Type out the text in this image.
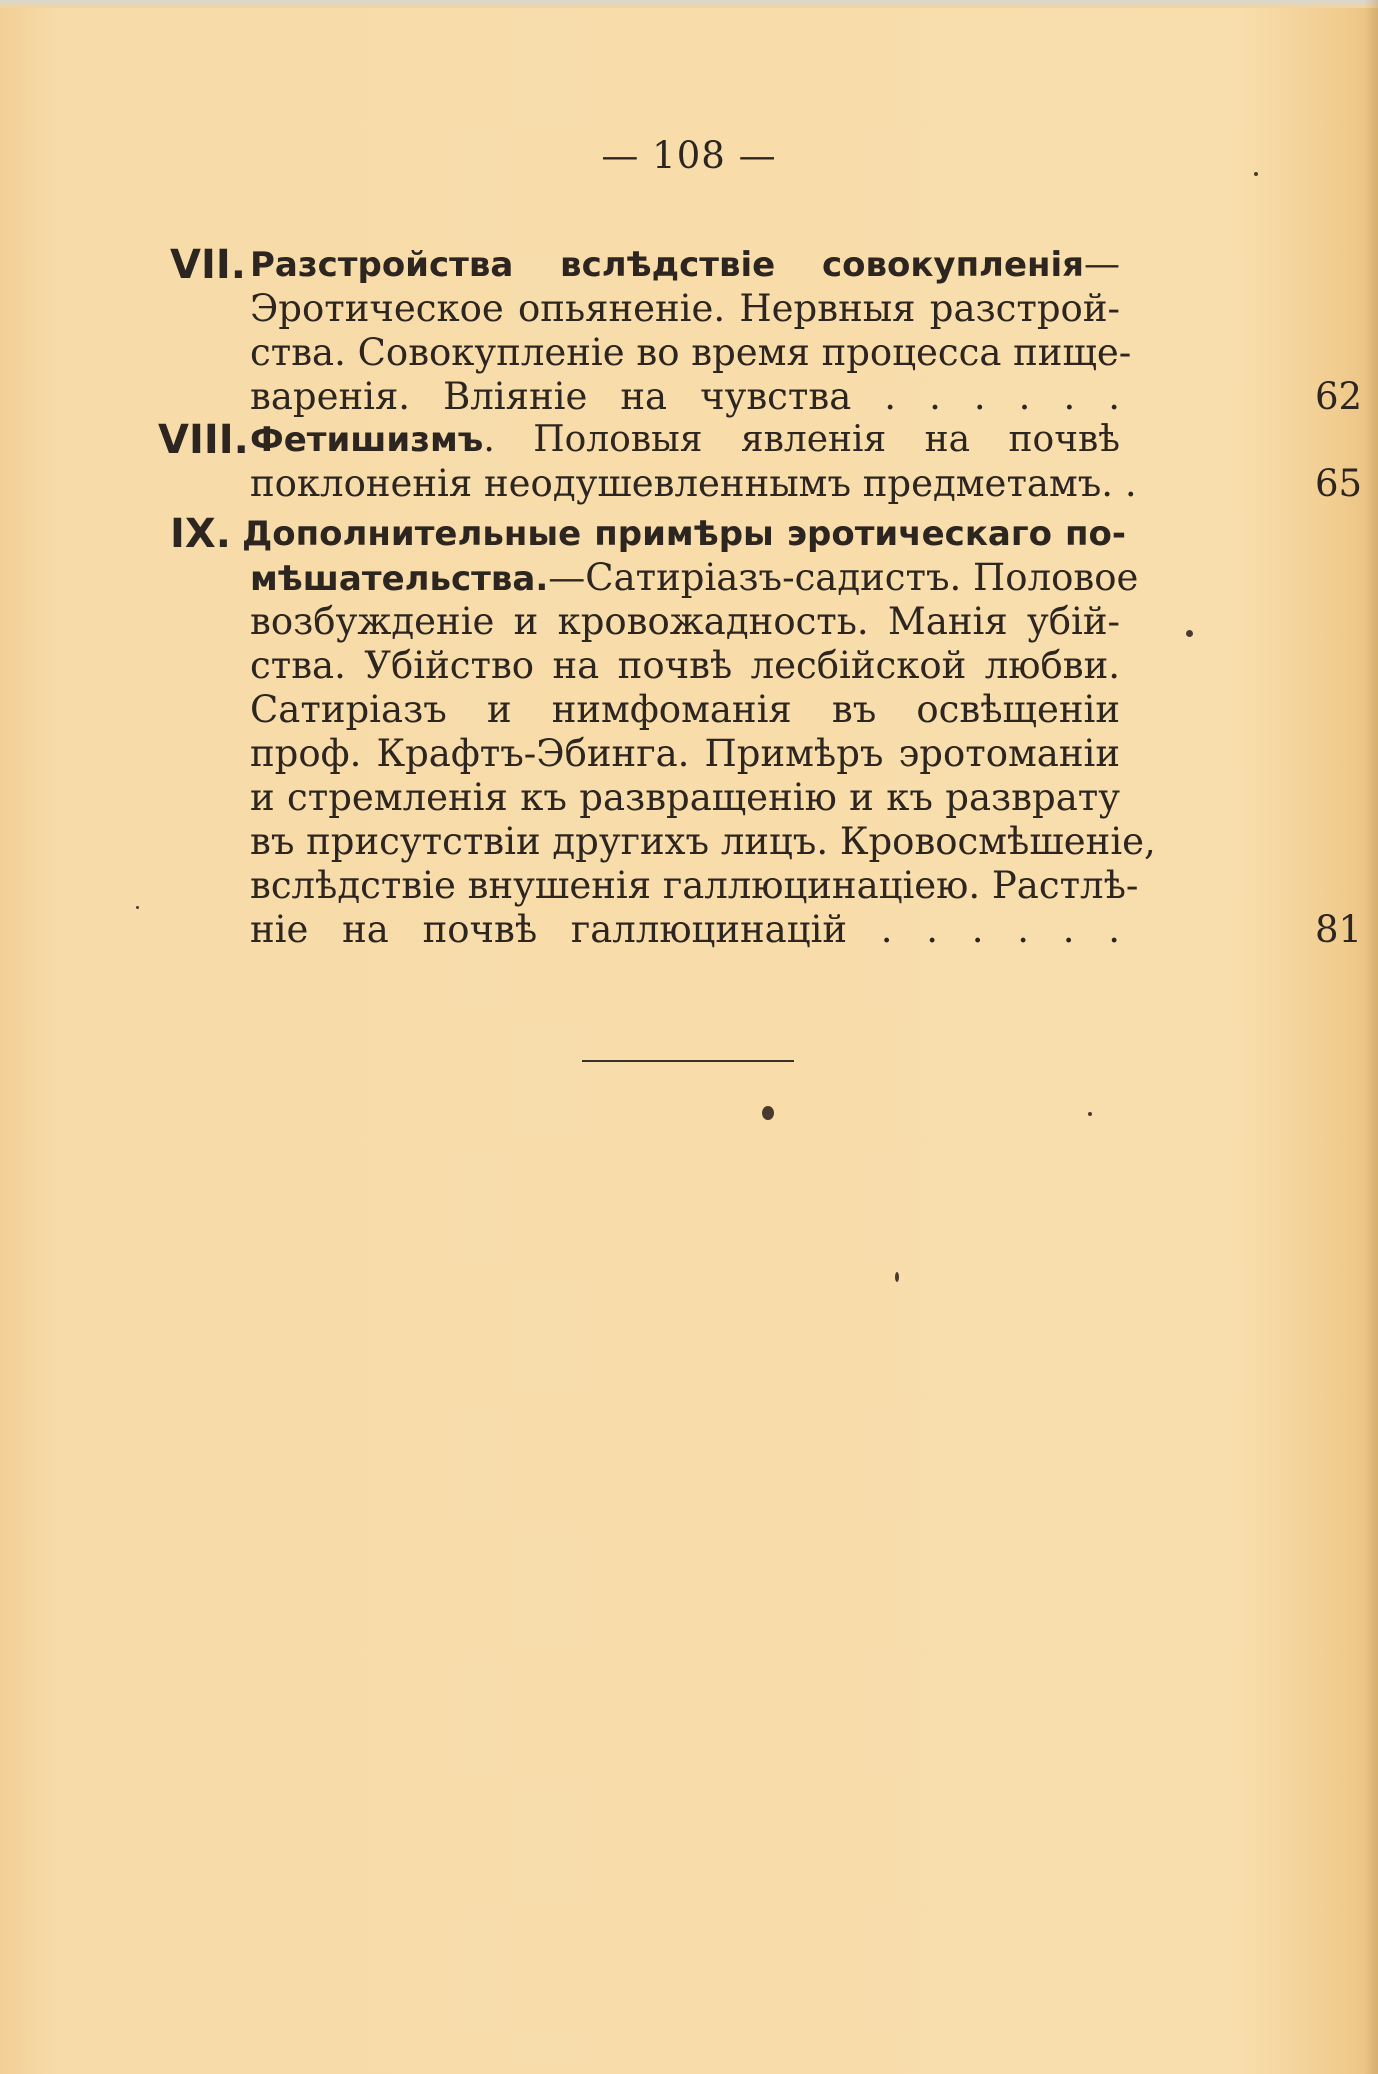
— 108 —
VII. Разстройства вслѣдствіе совокупленія—
Эротическое опьяненіе. Нервныя разстрой-
ства. Совокупленіе во время процесса пище-
варенія. Вліяніе на чувства . . . . . .	62
VIII. Фетишизмъ. Половыя явленія на почвѣ
поклоненія неодушевленнымъ предметамъ. .	65
IX. Дополнительные примѣры эротическаго по-
мѣшательства.—Сатиріазъ-садистъ. Половое
возбужденіе и кровожадность. Манія убій-
ства. Убійство на почвѣ лесбійской любви.
Сатиріазъ и нимфоманія въ освѣщеніи
проф. Крафтъ-Эбинга. Примѣръ эротоманіи
и стремленія къ развращенію и къ разврату
въ присутствіи другихъ лицъ. Кровосмѣшеніе,
вслѣдствіе внушенія галлюцинаціею. Растлѣ-
ніе на почвѣ галлюцинацій . . . . . .	81
